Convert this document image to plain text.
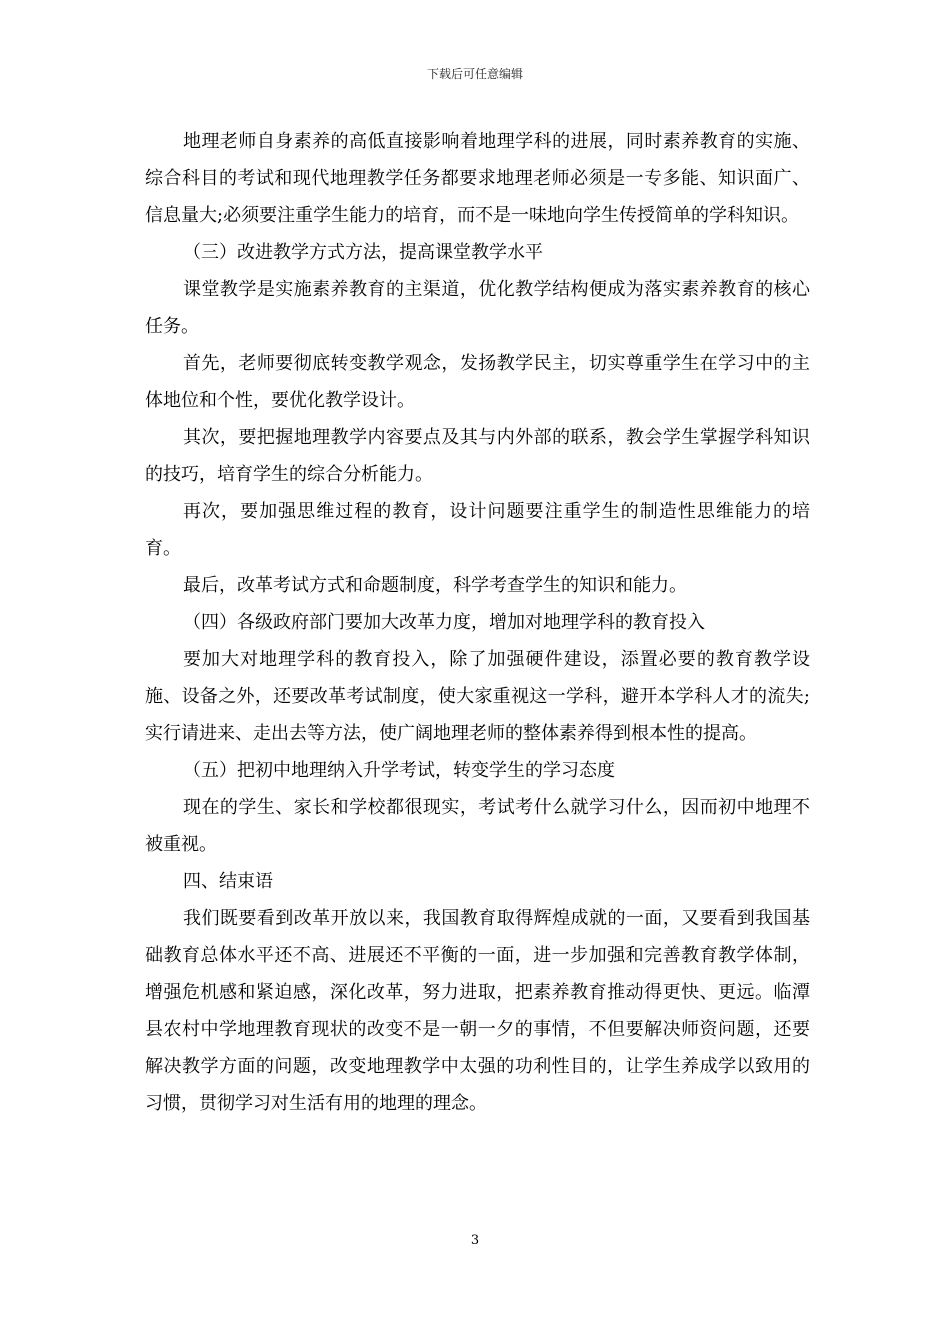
下载后可任意编辑

地理老师自身素养的高低直接影响着地理学科的进展，同时素养教育的实施、综合科目的考试和现代地理教学任务都要求地理老师必须是一专多能、知识面广、信息量大;必须要注重学生能力的培育，而不是一味地向学生传授简单的学科知识。

（三）改进教学方式方法，提高课堂教学水平

课堂教学是实施素养教育的主渠道，优化教学结构便成为落实素养教育的核心任务。

首先，老师要彻底转变教学观念，发扬教学民主，切实尊重学生在学习中的主体地位和个性，要优化教学设计。

其次，要把握地理教学内容要点及其与内外部的联系，教会学生掌握学科知识的技巧，培育学生的综合分析能力。

再次，要加强思维过程的教育，设计问题要注重学生的制造性思维能力的培育。

最后，改革考试方式和命题制度，科学考查学生的知识和能力。

（四）各级政府部门要加大改革力度，增加对地理学科的教育投入

要加大对地理学科的教育投入，除了加强硬件建设，添置必要的教育教学设施、设备之外，还要改革考试制度，使大家重视这一学科，避开本学科人才的流失;实行请进来、走出去等方法，使广阔地理老师的整体素养得到根本性的提高。

（五）把初中地理纳入升学考试，转变学生的学习态度

现在的学生、家长和学校都很现实，考试考什么就学习什么，因而初中地理不被重视。

四、结束语

我们既要看到改革开放以来，我国教育取得辉煌成就的一面，又要看到我国基础教育总体水平还不高、进展还不平衡的一面，进一步加强和完善教育教学体制，增强危机感和紧迫感，深化改革，努力进取，把素养教育推动得更快、更远。临潭县农村中学地理教育现状的改变不是一朝一夕的事情，不但要解决师资问题，还要解决教学方面的问题，改变地理教学中太强的功利性目的，让学生养成学以致用的习惯，贯彻学习对生活有用的地理的理念。

3
